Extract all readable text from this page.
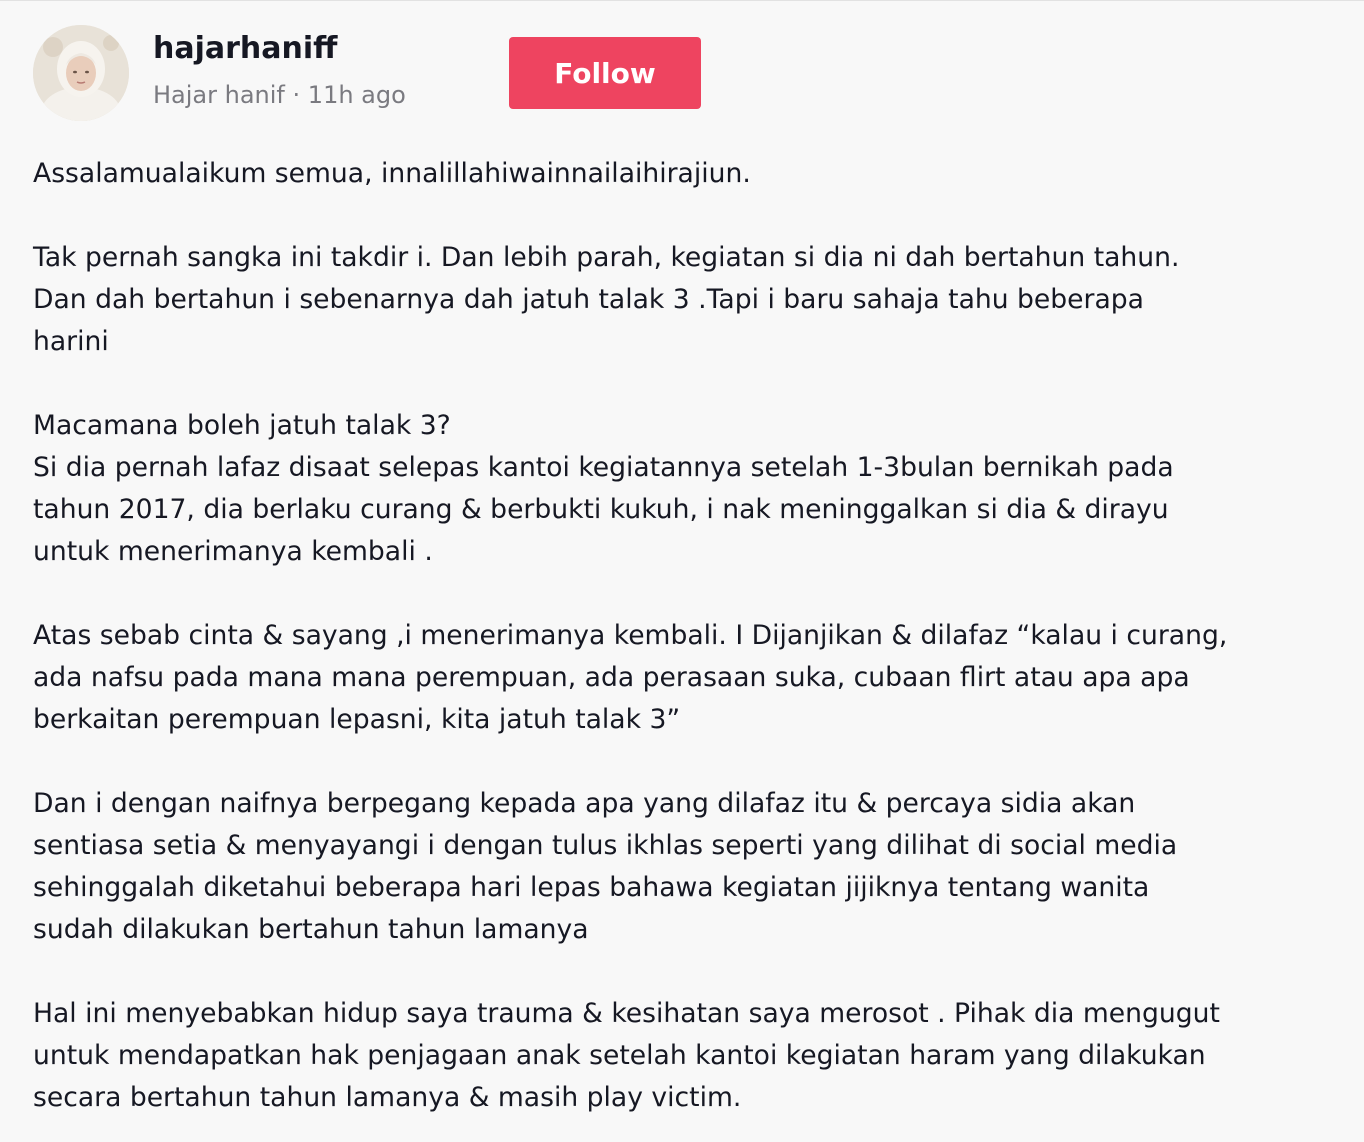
hajarhaniff
Hajar hanif · 11h ago
Follow

Assalamualaikum semua, innalillahiwainnailaihirajiun.

Tak pernah sangka ini takdir i. Dan lebih parah, kegiatan si dia ni dah bertahun tahun.
Dan dah bertahun i sebenarnya dah jatuh talak 3 .Tapi i baru sahaja tahu beberapa
harini

Macamana boleh jatuh talak 3?
Si dia pernah lafaz disaat selepas kantoi kegiatannya setelah 1-3bulan bernikah pada
tahun 2017, dia berlaku curang & berbukti kukuh, i nak meninggalkan si dia & dirayu
untuk menerimanya kembali .

Atas sebab cinta & sayang ,i menerimanya kembali. I Dijanjikan & dilafaz “kalau i curang,
ada nafsu pada mana mana perempuan, ada perasaan suka, cubaan flirt atau apa apa
berkaitan perempuan lepasni, kita jatuh talak 3”

Dan i dengan naifnya berpegang kepada apa yang dilafaz itu & percaya sidia akan
sentiasa setia & menyayangi i dengan tulus ikhlas seperti yang dilihat di social media
sehinggalah diketahui beberapa hari lepas bahawa kegiatan jijiknya tentang wanita
sudah dilakukan bertahun tahun lamanya

Hal ini menyebabkan hidup saya trauma & kesihatan saya merosot . Pihak dia mengugut
untuk mendapatkan hak penjagaan anak setelah kantoi kegiatan haram yang dilakukan
secara bertahun tahun lamanya & masih play victim.
